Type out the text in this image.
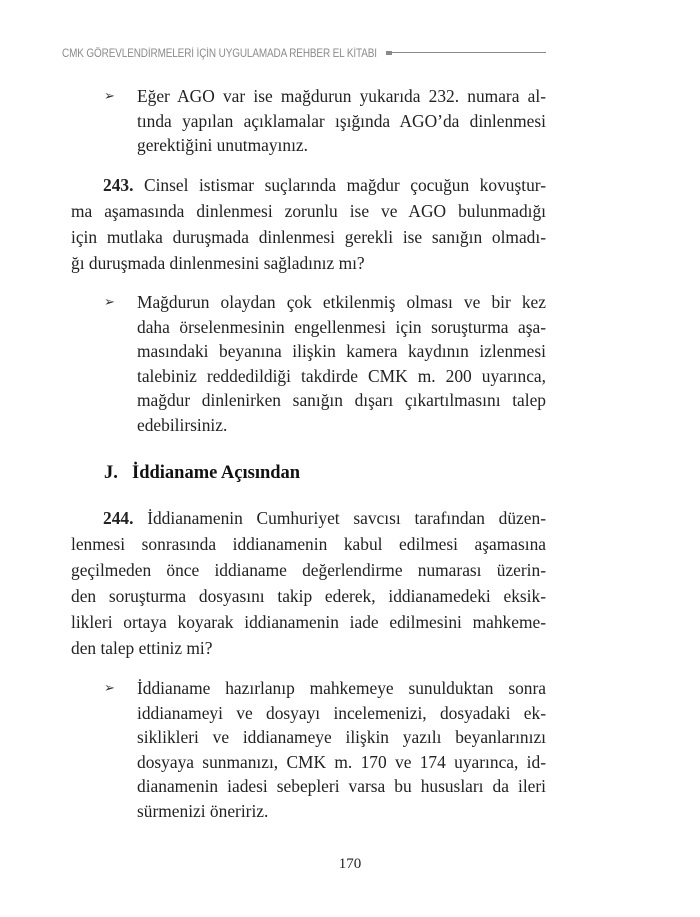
CMK GÖREVLENDİRMELERİ İÇİN UYGULAMADA REHBER EL KİTABI
➢ Eğer AGO var ise mağdurun yukarıda 232. numara al-
tında yapılan açıklamalar ışığında AGO’da dinlenmesi
gerektiğini unutmayınız.
243. Cinsel istismar suçlarında mağdur çocuğun kovuştur-
ma aşamasında dinlenmesi zorunlu ise ve AGO bulunmadığı
için mutlaka duruşmada dinlenmesi gerekli ise sanığın olmadı-
ğı duruşmada dinlenmesini sağladınız mı?
➢ Mağdurun olaydan çok etkilenmiş olması ve bir kez
daha örselenmesinin engellenmesi için soruşturma aşa-
masındaki beyanına ilişkin kamera kaydının izlenmesi
talebiniz reddedildiği takdirde CMK m. 200 uyarınca,
mağdur dinlenirken sanığın dışarı çıkartılmasını talep
edebilirsiniz.
J. İddianame Açısından
244. İddianamenin Cumhuriyet savcısı tarafından düzen-
lenmesi sonrasında iddianamenin kabul edilmesi aşamasına
geçilmeden önce iddianame değerlendirme numarası üzerin-
den soruşturma dosyasını takip ederek, iddianamedeki eksik-
likleri ortaya koyarak iddianamenin iade edilmesini mahkeme-
den talep ettiniz mi?
➢ İddianame hazırlanıp mahkemeye sunulduktan sonra
iddianameyi ve dosyayı incelemenizi, dosyadaki ek-
siklikleri ve iddianameye ilişkin yazılı beyanlarınızı
dosyaya sunmanızı, CMK m. 170 ve 174 uyarınca, id-
dianamenin iadesi sebepleri varsa bu hususları da ileri
sürmenizi öneririz.
170
